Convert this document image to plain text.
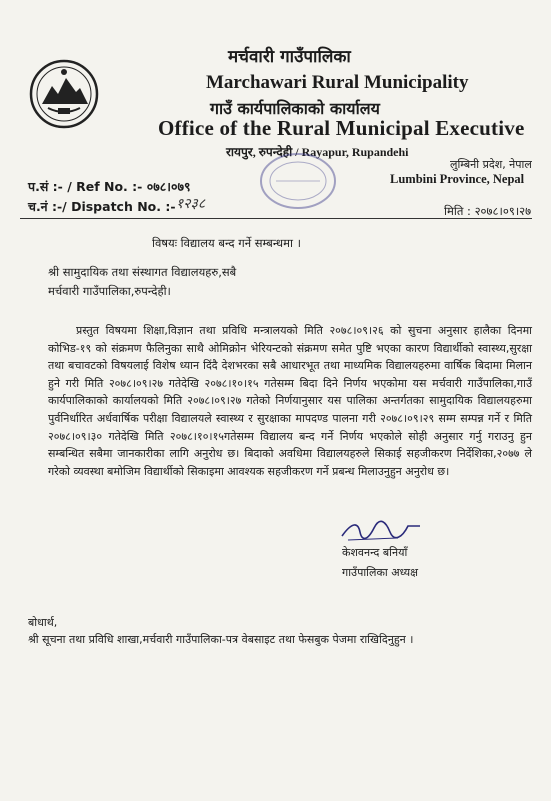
मर्चवारी गाउँपालिका
Marchawari Rural Municipality
गाउँ कार्यपालिकाको कार्यालय
Office of the Rural Municipal Executive
रायपुर, रुपन्देही / Rayapur, Rupandehi
लुम्बिनी प्रदेश, नेपाल
Lumbini Province, Nepal
प.सं :- / Ref No. :- ०७८।०७९
च.नं :-/ Dispatch No. :- १२३८	मिति : २०७८।०९।२७
विषयः विद्यालय बन्द गर्ने सम्बन्धमा ।
श्री सामुदायिक तथा संस्थागत विद्यालयहरु,सबै
मर्चवारी गाउँपालिका,रुपन्देही।
प्रस्तुत विषयमा शिक्षा,विज्ञान तथा प्रविधि मन्त्रालयको मिति २०७८।०९।२६ को सुचना अनुसार हालैका दिनमा कोभिड-१९ को संक्रमण फैलिनुका साथै ओमिक्रोन भेरियन्टको संक्रमण समेत पुष्टि भएका कारण विद्यार्थीको स्वास्थ्य,सुरक्षा तथा बचावटको विषयलाई विशेष ध्यान दिंदै देशभरका सबै आधारभूत तथा माध्यमिक विद्यालयहरुमा वार्षिक बिदामा मिलान हुने गरी मिति २०७८।०९।२७ गतेदेखि २०७८।१०।१५ गतेसम्म बिदा दिने निर्णय भएकोमा यस मर्चवारी गाउँपालिका,गाउँ कार्यपालिकाको कार्यालयको मिति २०७८।०९।२७ गतेको निर्णयानुसार यस पालिका अन्तर्गतका सामुदायिक विद्यालयहरुमा पुर्वनिर्धारित अर्धवार्षिक परीक्षा विद्यालयले स्वास्थ्य र सुरक्षाका मापदण्ड पालना गरी २०७८।०९।२९ सम्म सम्पन्न गर्ने र मिति २०७८।०९।३० गतेदेखि मिति २०७८।१०।१५गतेसम्म विद्यालय बन्द गर्ने निर्णय भएकोले सोही अनुसार गर्नु गराउनु हुन सम्बन्धित सबैमा जानकारीका लागि अनुरोध छ। बिदाको अवधिमा विद्यालयहरुले सिकाई सहजीकरण निर्देशिका,२०७७ ले गरेको व्यवस्था बमोजिम विद्यार्थीको सिकाइमा आवश्यक सहजीकरण गर्ने प्रबन्ध मिलाउनुहुन अनुरोध छ।
केशवनन्द बनियाँ
गाउँपालिका अध्यक्ष
बोधार्थ,
श्री सूचना तथा प्रविधि शाखा,मर्चवारी गाउँपालिका-पत्र वेबसाइट तथा फेसबुक पेजमा राखिदिनुहुन ।
